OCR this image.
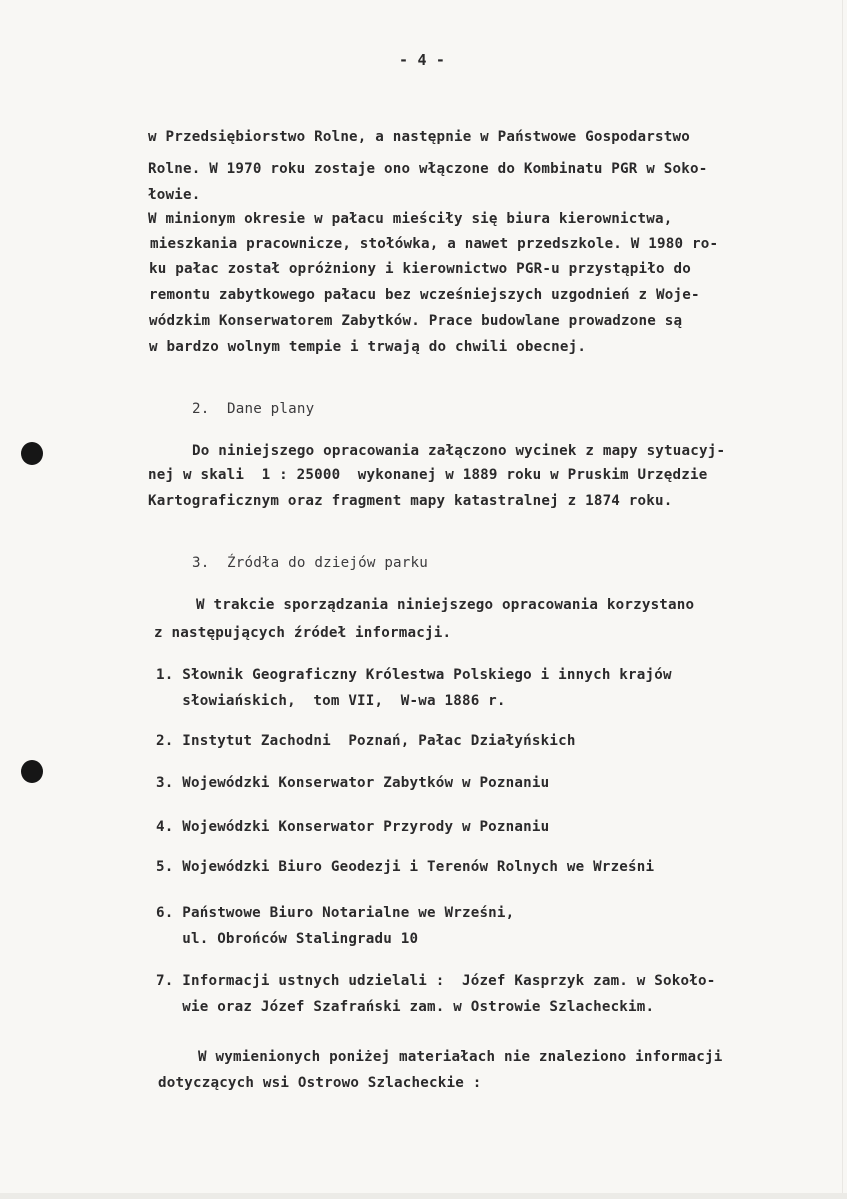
- 4 -
w Przedsiębiorstwo Rolne, a następnie w Państwowe Gospodarstwo
Rolne. W 1970 roku zostaje ono włączone do Kombinatu PGR w Soko-
łowie.
W minionym okresie w pałacu mieściły się biura kierownictwa,
mieszkania pracownicze, stołówka, a nawet przedszkole. W 1980 ro-
ku pałac został opróżniony i kierownictwo PGR-u przystąpiło do
remontu zabytkowego pałacu bez wcześniejszych uzgodnień z Woje-
wódzkim Konserwatorem Zabytków. Prace budowlane prowadzone są
w bardzo wolnym tempie i trwają do chwili obecnej.
2.  Dane plany
Do niniejszego opracowania załączono wycinek z mapy sytuacyj-
nej w skali  1 : 25000  wykonanej w 1889 roku w Pruskim Urzędzie
Kartograficznym oraz fragment mapy katastralnej z 1874 roku.
3.  Źródła do dziejów parku
W trakcie sporządzania niniejszego opracowania korzystano
z następujących źródeł informacji.
1. Słownik Geograficzny Królestwa Polskiego i innych krajów
słowiańskich,  tom VII,  W-wa 1886 r.
2. Instytut Zachodni  Poznań, Pałac Działyńskich
3. Wojewódzki Konserwator Zabytków w Poznaniu
4. Wojewódzki Konserwator Przyrody w Poznaniu
5. Wojewódzki Biuro Geodezji i Terenów Rolnych we Wrześni
6. Państwowe Biuro Notarialne we Wrześni,
ul. Obrońców Stalingradu 10
7. Informacji ustnych udzielali :  Józef Kasprzyk zam. w Sokoło-
wie oraz Józef Szafrański zam. w Ostrowie Szlacheckim.
W wymienionych poniżej materiałach nie znaleziono informacji
dotyczących wsi Ostrowo Szlacheckie :
